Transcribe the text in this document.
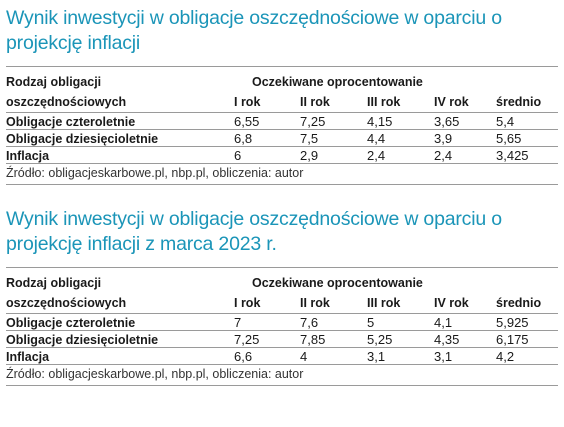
Wynik inwestycji w obligacje oszczędnościowe w oparciu o projekcję inflacji
Rodzaj obligacji	Oczekiwane oprocentowanie				
oszczędnościowych	I rok	II rok	III rok	IV rok	średnio
Obligacje czteroletnie	6,55	7,25	4,15	3,65	5,4
Obligacje dziesięcioletnie	6,8	7,5	4,4	3,9	5,65
Inflacja	6	2,9	2,4	2,4	3,425
Źródło: obligacjeskarbowe.pl, nbp.pl, obliczenia: autor
Wynik inwestycji w obligacje oszczędnościowe w oparciu o projekcję inflacji z marca 2023 r.
Rodzaj obligacji	Oczekiwane oprocentowanie				
oszczędnościowych	I rok	II rok	III rok	IV rok	średnio
Obligacje czteroletnie	7	7,6	5	4,1	5,925
Obligacje dziesięcioletnie	7,25	7,85	5,25	4,35	6,175
Inflacja	6,6	4	3,1	3,1	4,2
Źródło: obligacjeskarbowe.pl, nbp.pl, obliczenia: autor
